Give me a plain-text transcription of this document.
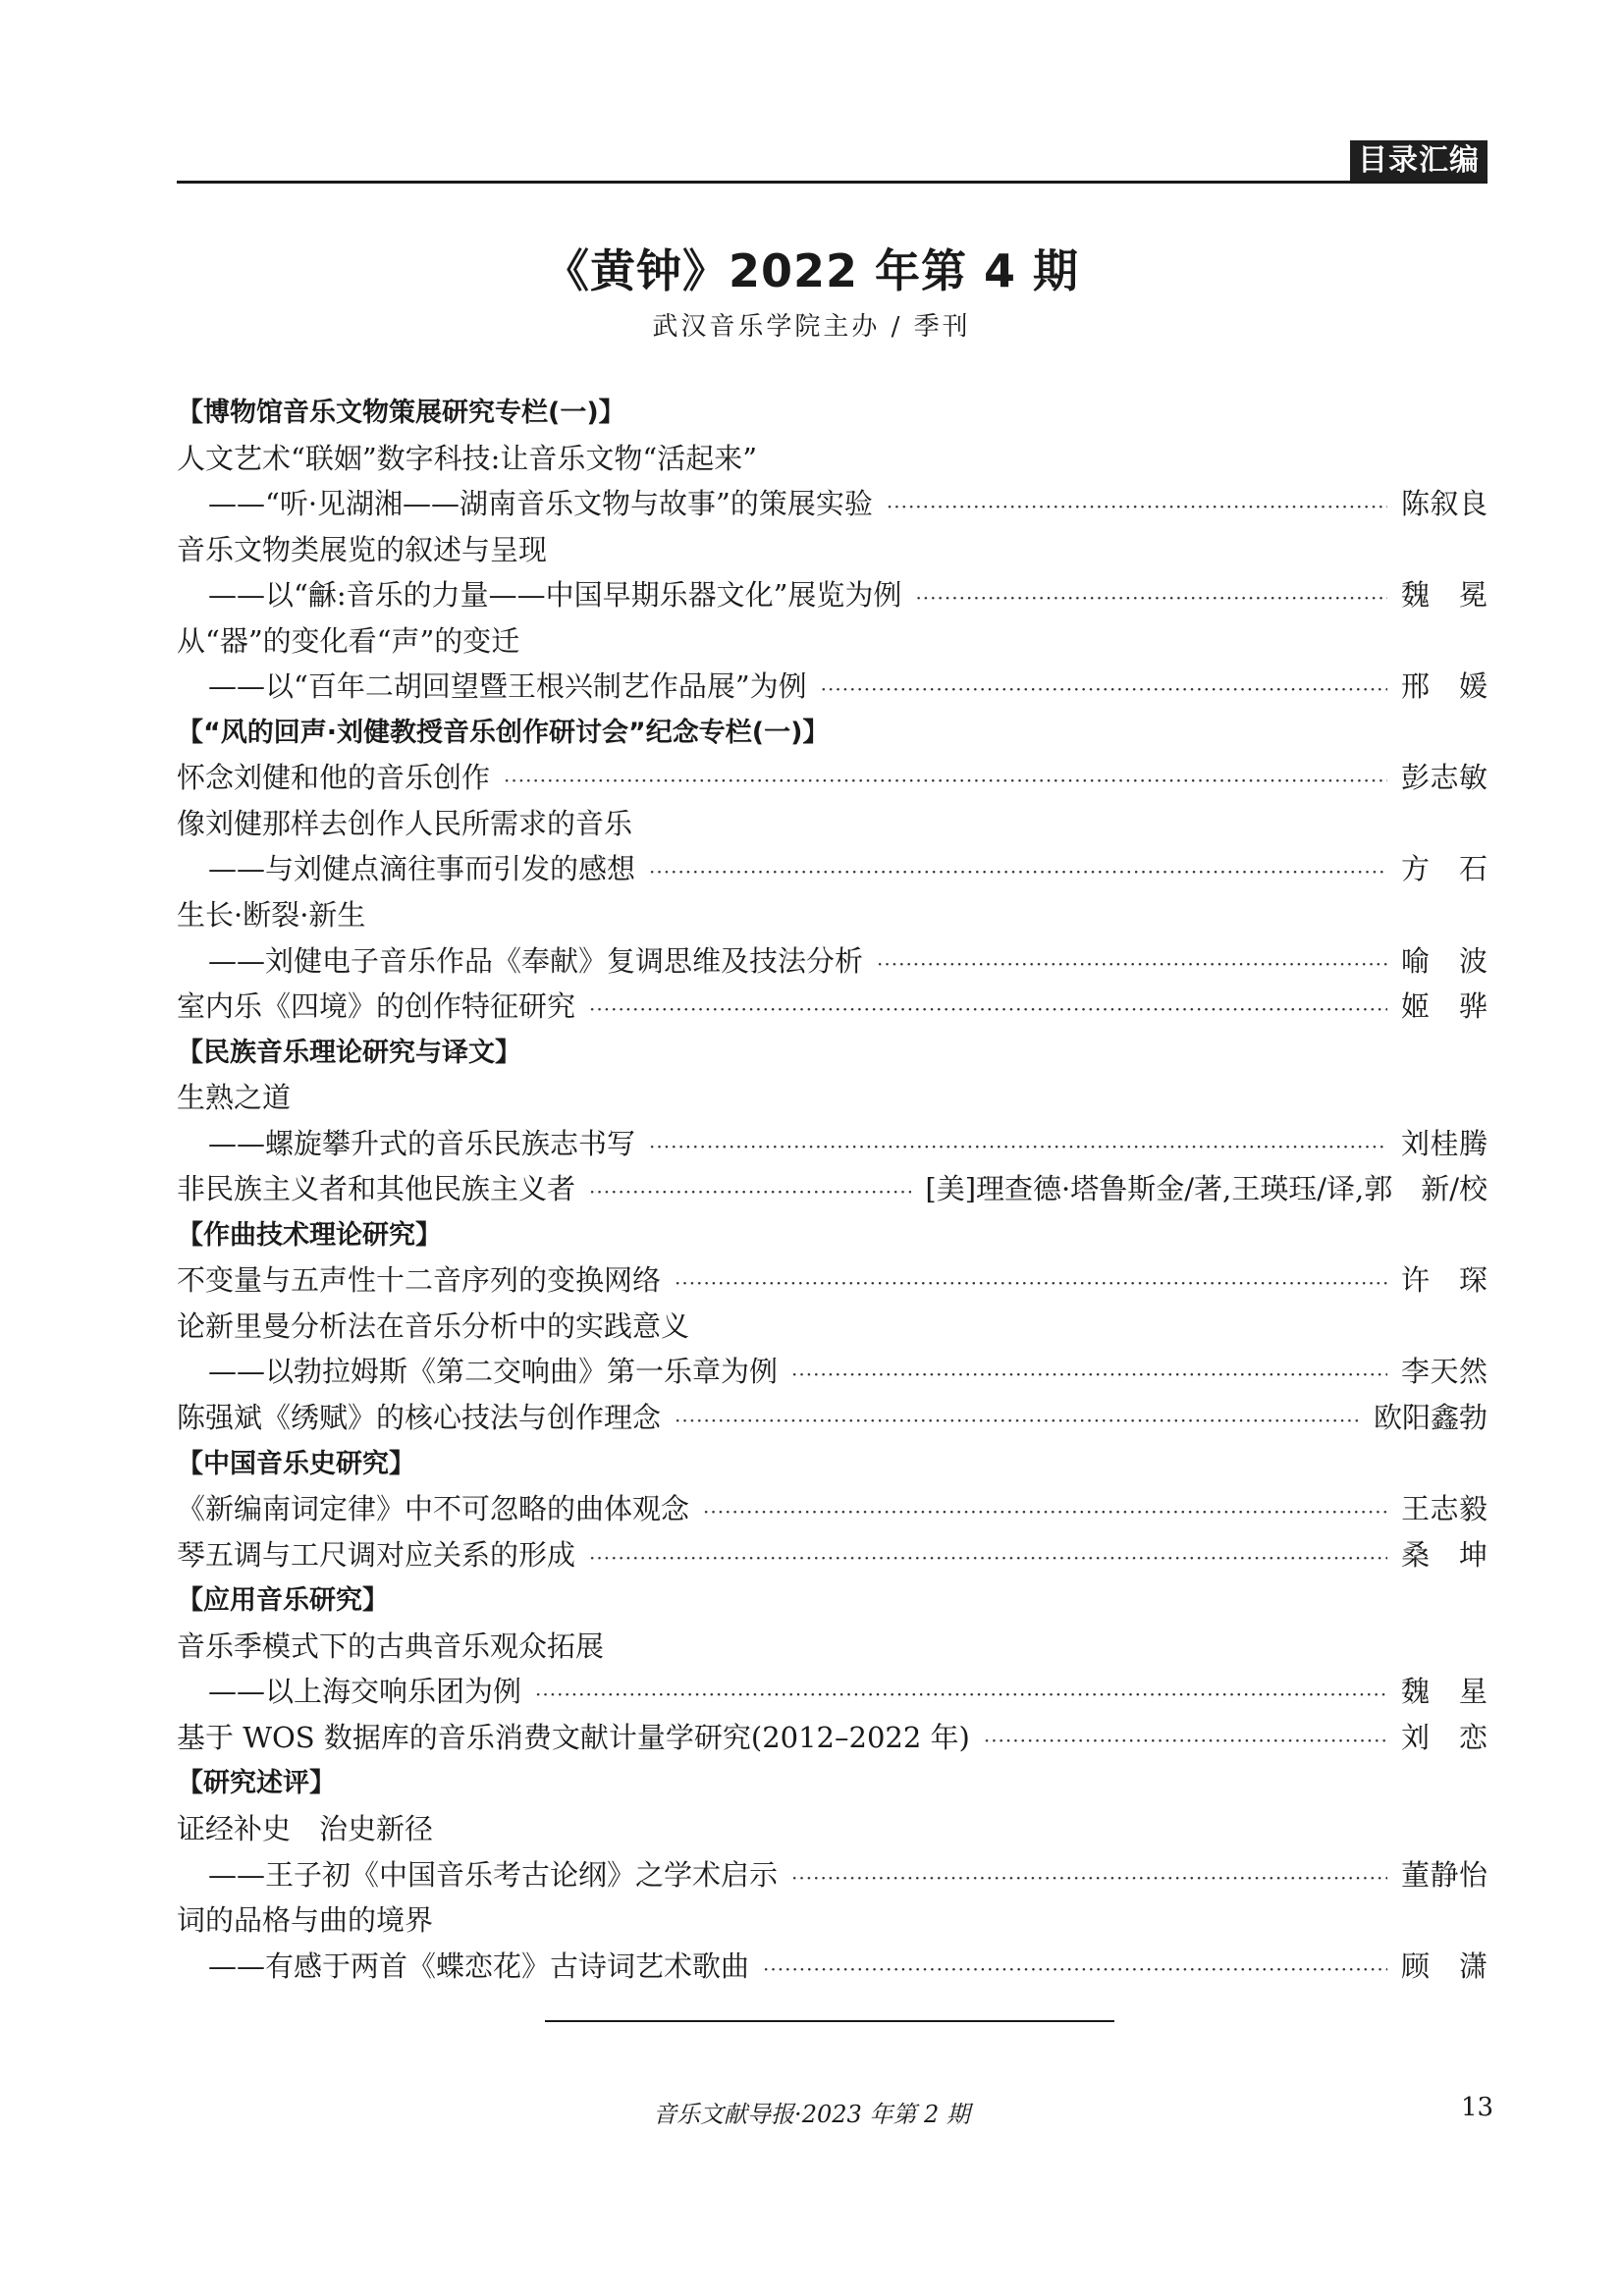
目录汇编
《黄钟》2022 年第 4 期
武汉音乐学院主办 / 季刊
【博物馆音乐文物策展研究专栏(一)】
人文艺术“联姻”数字科技:让音乐文物“活起来”
——“听·见湖湘——湖南音乐文物与故事”的策展实验 ·····	陈叙良
音乐文物类展览的叙述与呈现
——以“龢:音乐的力量——中国早期乐器文化”展览为例 ·····	魏　冕
从“器”的变化看“声”的变迁
——以“百年二胡回望暨王根兴制艺作品展”为例 ·····	邢　媛
【“风的回声·刘健教授音乐创作研讨会”纪念专栏(一)】
怀念刘健和他的音乐创作 ·····	彭志敏
像刘健那样去创作人民所需求的音乐
——与刘健点滴往事而引发的感想 ·····	方　石
生长·断裂·新生
——刘健电子音乐作品《奉献》复调思维及技法分析 ·····	喻　波
室内乐《四境》的创作特征研究 ·····	姬　骅
【民族音乐理论研究与译文】
生熟之道
——螺旋攀升式的音乐民族志书写 ·····	刘桂腾
非民族主义者和其他民族主义者 ·····	[美]理查德·塔鲁斯金/著,王瑛珏/译,郭　新/校
【作曲技术理论研究】
不变量与五声性十二音序列的变换网络 ·····	许　琛
论新里曼分析法在音乐分析中的实践意义
——以勃拉姆斯《第二交响曲》第一乐章为例 ·····	李天然
陈强斌《绣赋》的核心技法与创作理念 ·····	欧阳鑫勃
【中国音乐史研究】
《新编南词定律》中不可忽略的曲体观念 ·····	王志毅
琴五调与工尺调对应关系的形成 ·····	桑　坤
【应用音乐研究】
音乐季模式下的古典音乐观众拓展
——以上海交响乐团为例 ·····	魏　星
基于 WOS 数据库的音乐消费文献计量学研究(2012–2022 年) ·····	刘　恋
【研究述评】
证经补史　治史新径
——王子初《中国音乐考古论纲》之学术启示 ·····	董静怡
词的品格与曲的境界
——有感于两首《蝶恋花》古诗词艺术歌曲 ·····	顾　潇
音乐文献导报·2023 年第 2 期	13
